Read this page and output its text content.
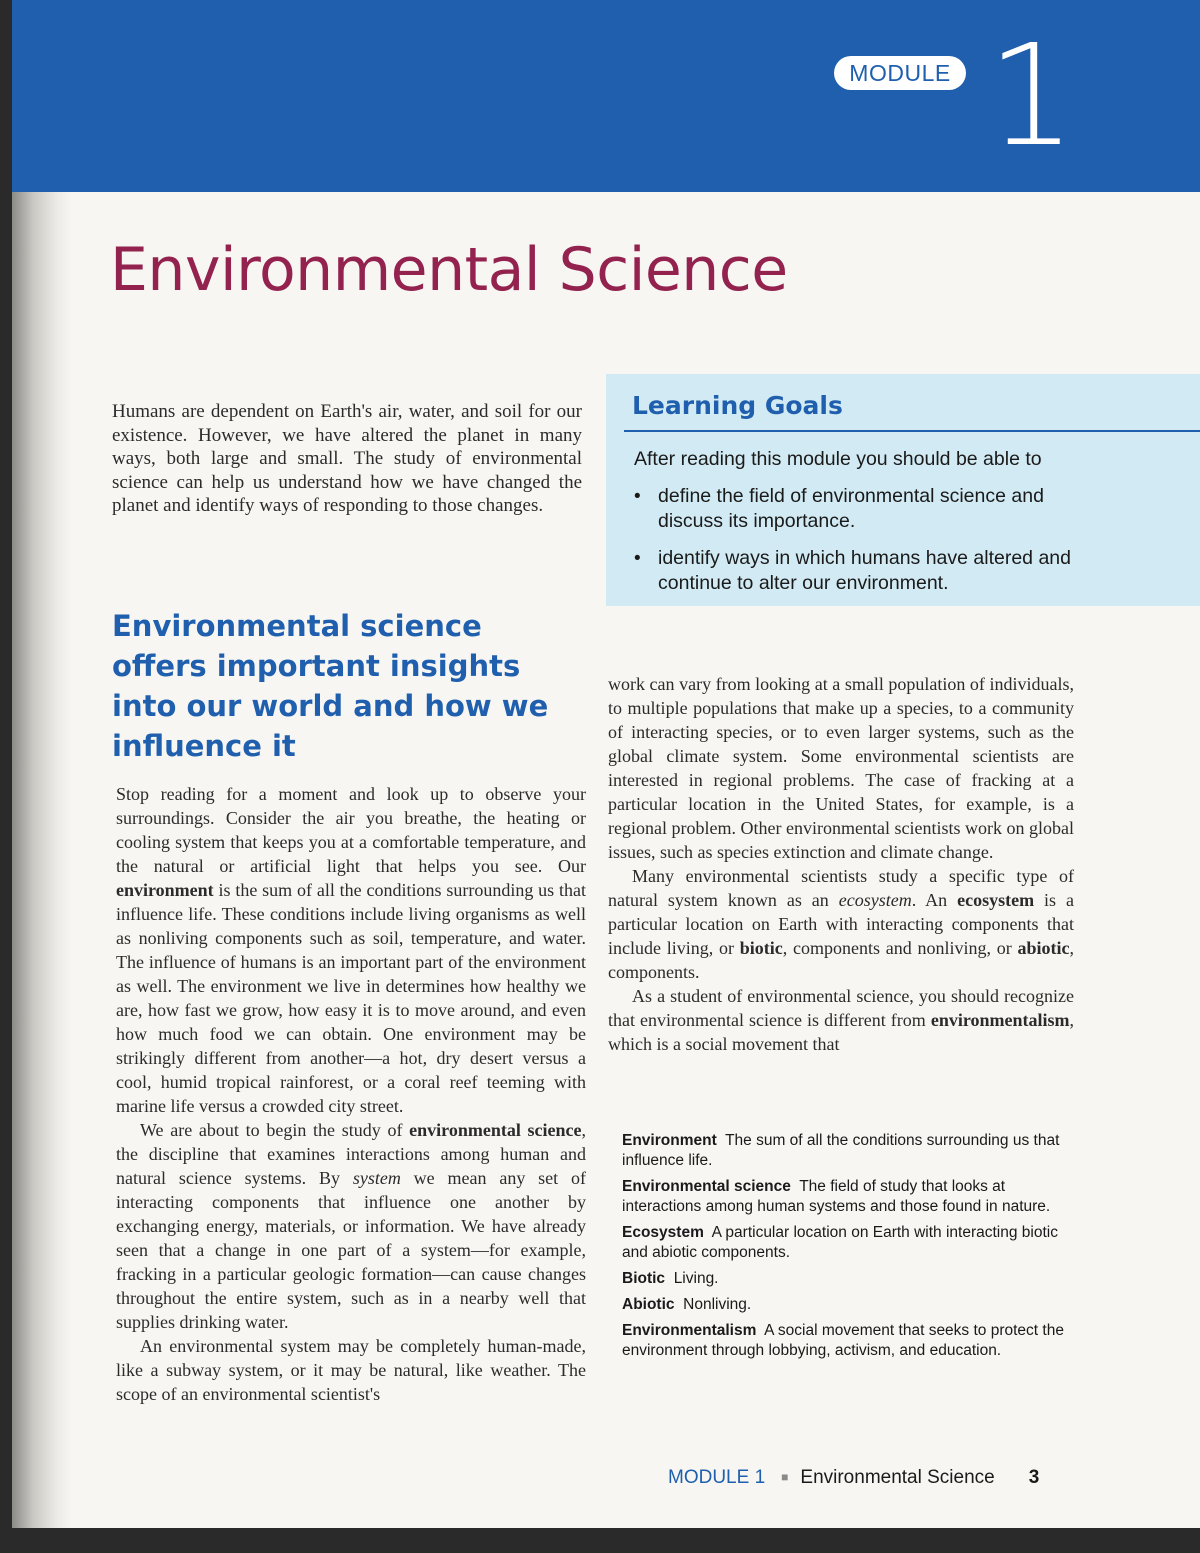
MODULE 1
Environmental Science
Humans are dependent on Earth's air, water, and soil for our existence. However, we have altered the planet in many ways, both large and small. The study of environmental science can help us understand how we have changed the planet and identify ways of responding to those changes.
Learning Goals
After reading this module you should be able to
• define the field of environmental science and discuss its importance.
• identify ways in which humans have altered and continue to alter our environment.
Environmental science offers important insights into our world and how we influence it

Stop reading for a moment and look up to observe your surroundings. Consider the air you breathe, the heating or cooling system that keeps you at a comfortable temperature, and the natural or artificial light that helps you see. Our environment is the sum of all the conditions surrounding us that influence life. These conditions include living organisms as well as nonliving components such as soil, temperature, and water. The influence of humans is an important part of the environment as well. The environment we live in determines how healthy we are, how fast we grow, how easy it is to move around, and even how much food we can obtain. One environment may be strikingly different from another—a hot, dry desert versus a cool, humid tropical rainforest, or a coral reef teeming with marine life versus a crowded city street.

We are about to begin the study of environmental science, the discipline that examines interactions among human and natural science systems. By system we mean any set of interacting components that influence one another by exchanging energy, materials, or information. We have already seen that a change in one part of a system—for example, fracking in a particular geologic formation—can cause changes throughout the entire system, such as in a nearby well that supplies drinking water.

An environmental system may be completely human-made, like a subway system, or it may be natural, like weather. The scope of an environmental scientist's

work can vary from looking at a small population of individuals, to multiple populations that make up a species, to a community of interacting species, or to even larger systems, such as the global climate system. Some environmental scientists are interested in regional problems. The case of fracking at a particular location in the United States, for example, is a regional problem. Other environmental scientists work on global issues, such as species extinction and climate change.

Many environmental scientists study a specific type of natural system known as an ecosystem. An ecosystem is a particular location on Earth with interacting components that include living, or biotic, components and nonliving, or abiotic, components.

As a student of environmental science, you should recognize that environmental science is different from environmentalism, which is a social movement that

Environment The sum of all the conditions surrounding us that influence life.
Environmental science The field of study that looks at interactions among human systems and those found in nature.
Ecosystem A particular location on Earth with interacting biotic and abiotic components.
Biotic Living.
Abiotic Nonliving.
Environmentalism A social movement that seeks to protect the environment through lobbying, activism, and education.
MODULE 1 ■ Environmental Science 3
